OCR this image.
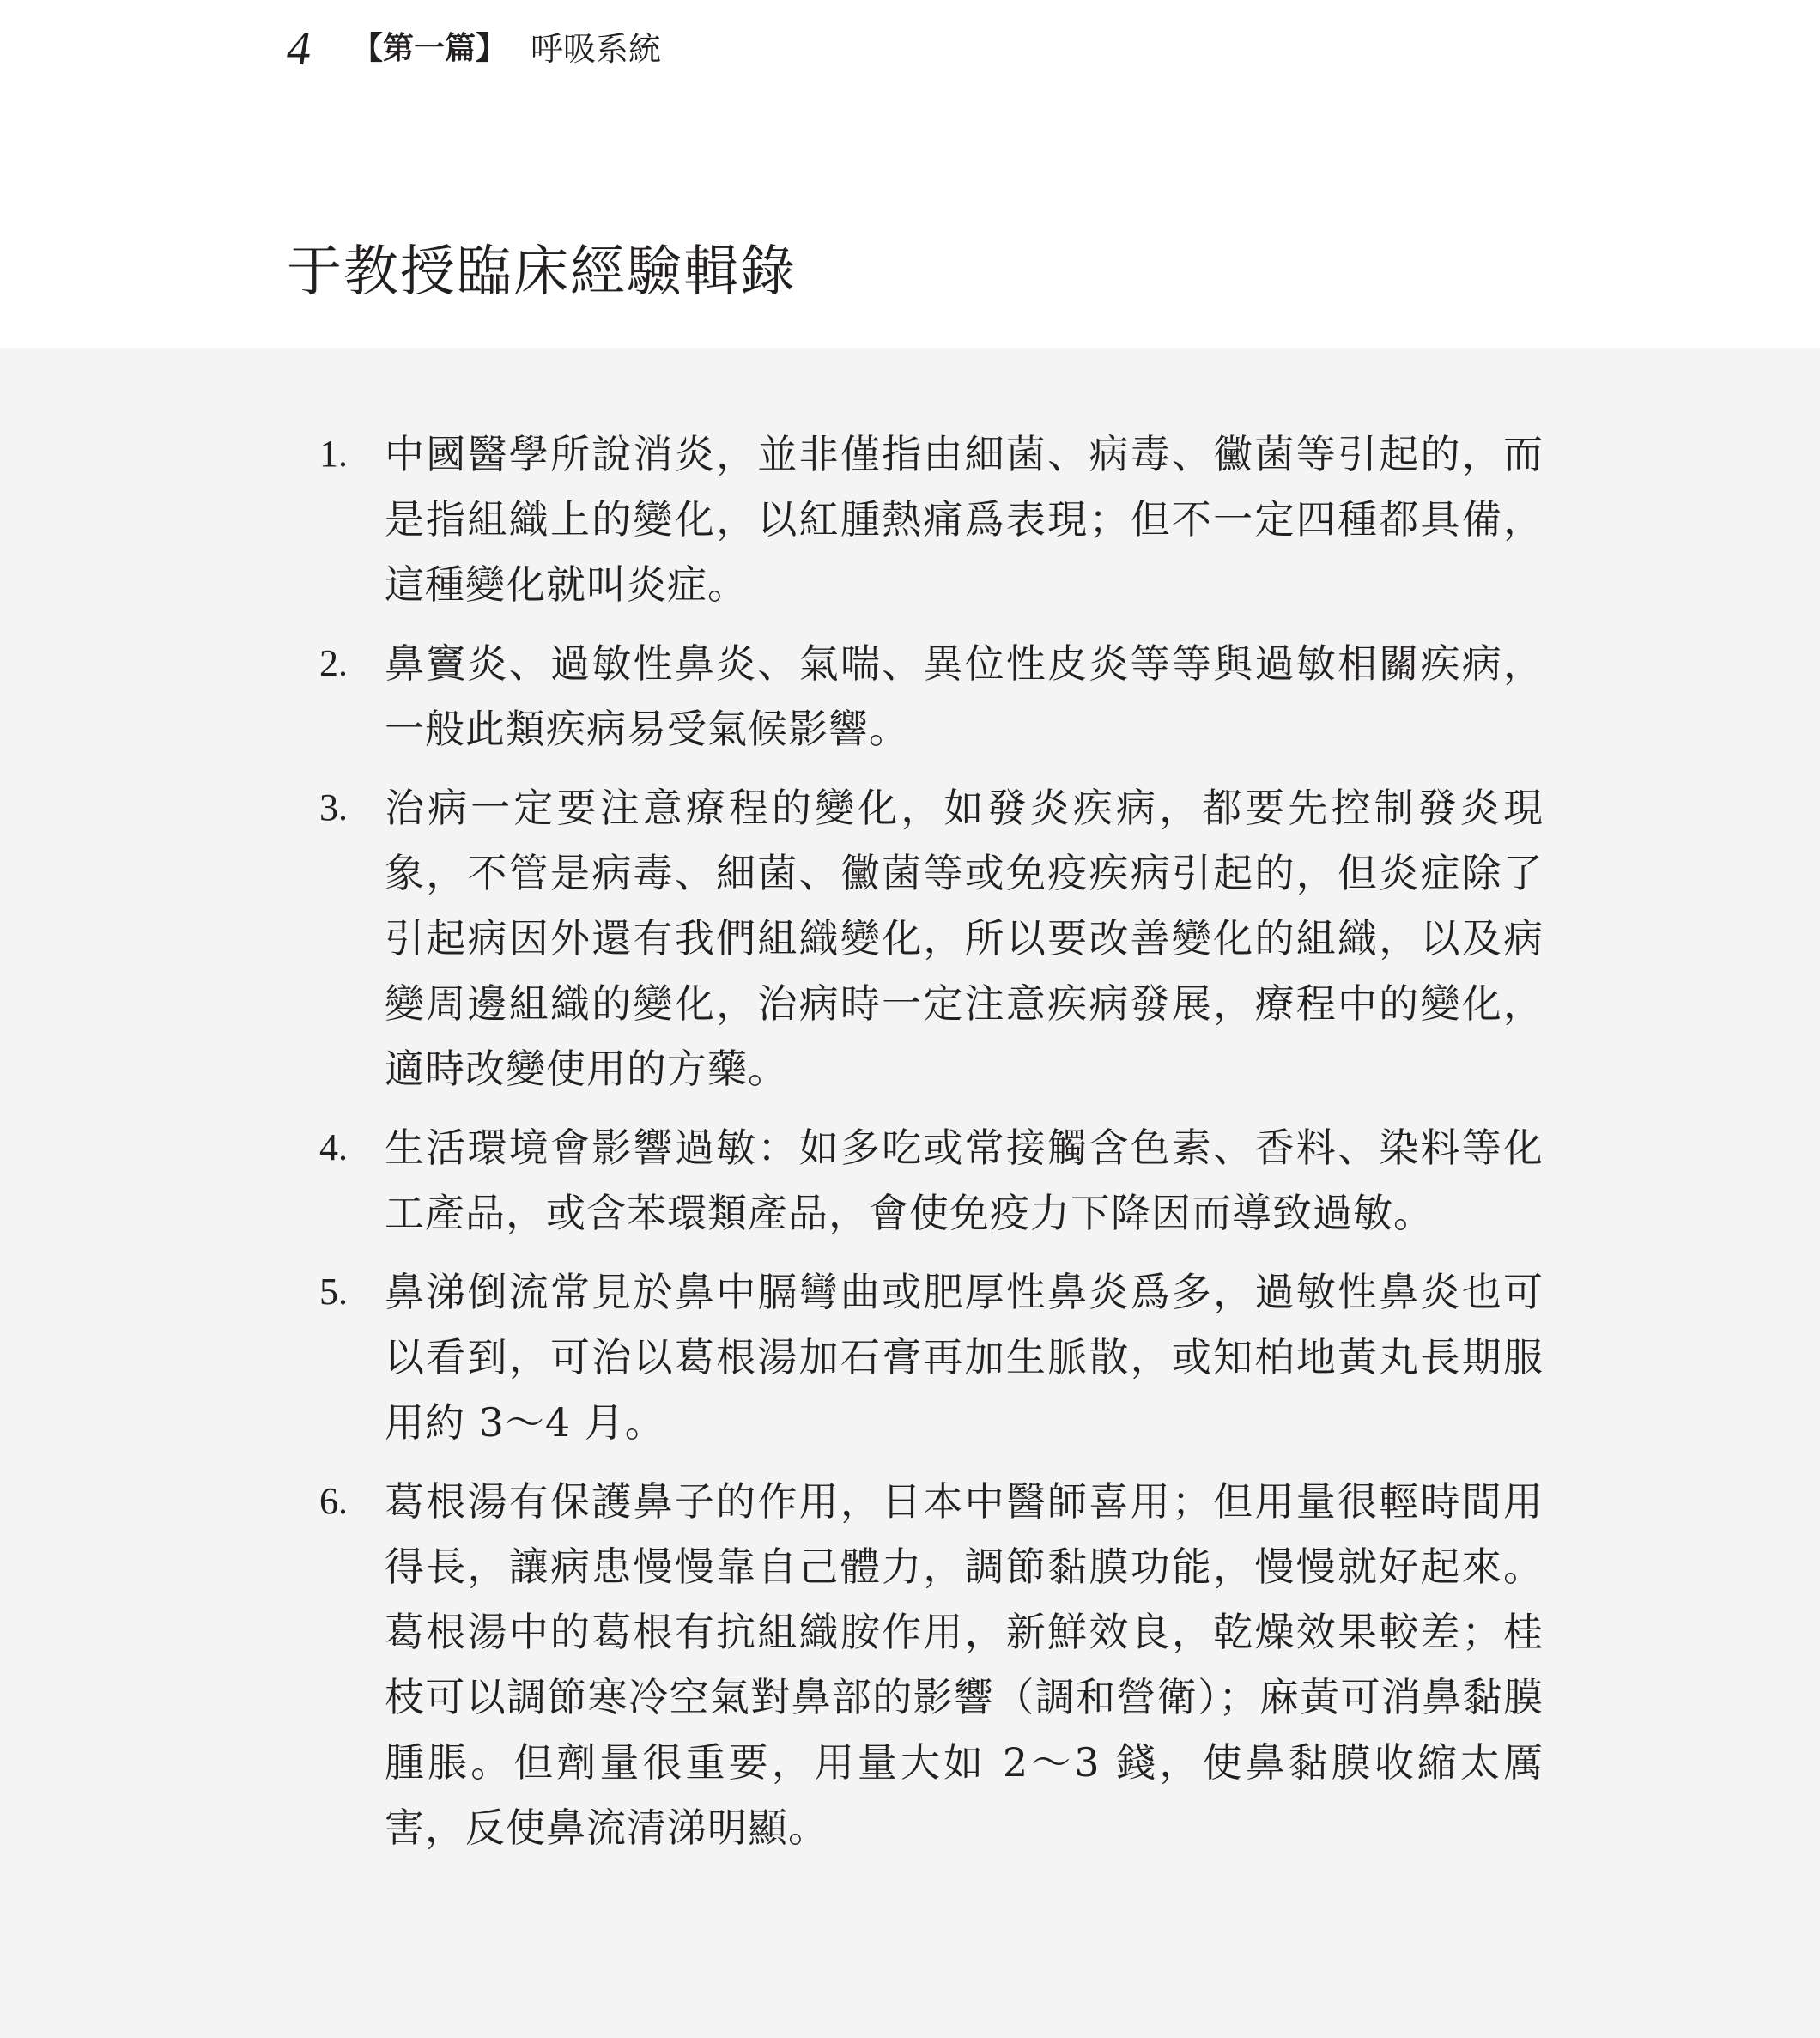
4 【第一篇】 呼吸系統
于教授臨床經驗輯錄
1. 中國醫學所說消炎，並非僅指由細菌、病毒、黴菌等引起的，而是指組織上的變化，以紅腫熱痛爲表現；但不一定四種都具備，這種變化就叫炎症。
2. 鼻竇炎、過敏性鼻炎、氣喘、異位性皮炎等等與過敏相關疾病，一般此類疾病易受氣候影響。
3. 治病一定要注意療程的變化，如發炎疾病，都要先控制發炎現象，不管是病毒、細菌、黴菌等或免疫疾病引起的，但炎症除了引起病因外還有我們組織變化，所以要改善變化的組織，以及病變周邊組織的變化，治病時一定注意疾病發展，療程中的變化，適時改變使用的方藥。
4. 生活環境會影響過敏：如多吃或常接觸含色素、香料、染料等化工產品，或含苯環類產品，會使免疫力下降因而導致過敏。
5. 鼻涕倒流常見於鼻中膈彎曲或肥厚性鼻炎爲多，過敏性鼻炎也可以看到，可治以葛根湯加石膏再加生脈散，或知柏地黃丸長期服用約 3～4 月。
6. 葛根湯有保護鼻子的作用，日本中醫師喜用；但用量很輕時間用得長，讓病患慢慢靠自己體力，調節黏膜功能，慢慢就好起來。葛根湯中的葛根有抗組織胺作用，新鮮效良，乾燥效果較差；桂枝可以調節寒冷空氣對鼻部的影響（調和營衛）；麻黃可消鼻黏膜腫脹。但劑量很重要，用量大如 2～3 錢，使鼻黏膜收縮太厲害，反使鼻流清涕明顯。
